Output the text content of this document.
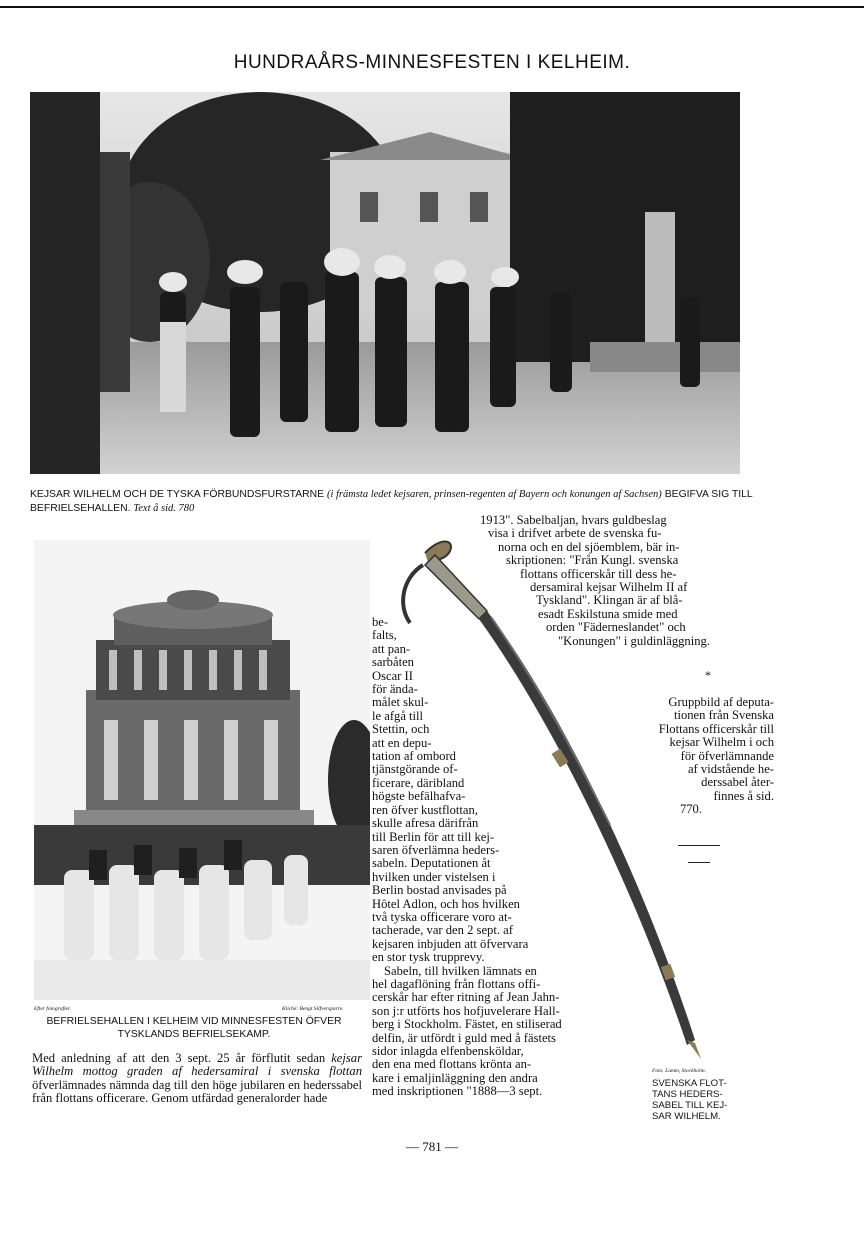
HUNDRAÅRS-MINNESFESTEN I KELHEIM.
KEJSAR WILHELM OCH DE TYSKA FÖRBUNDSFURSTARNE (i främsta ledet kejsaren, prinsen-regenten af Bayern och konungen af Sachsen) BEGIFVA SIG TILL BEFRIELSEHALLEN. Text å sid. 780
Efter fotografier.	Kliché: Bengt Silfversparre.
BEFRIELSEHALLEN I KELHEIM VID MINNESFESTEN ÖFVER TYSKLANDS BEFRIELSEKAMP.
Med anledning af att den 3 sept. 25 år förflutit sedan kejsar Wilhelm mottog graden af hedersamiral i svenska flottan öfverlämnades nämnda dag till den höge jubilaren en hederssabel från flottans officerare. Genom utfärdad generalorder hade
1913". Sabelbaljan, hvars guldbeslag
visa i drifvet arbete de svenska fu-
norna och en del sjöemblem, bär in-
skriptionen: "Från Kungl. svenska
flottans officerskår till dess he-
dersamiral kejsar Wilhelm II af
Tyskland". Klingan är af blå-
esadt Eskilstuna smide med
orden "Fäderneslandet" och
"Konungen" i guldinläggning.
be-
falts,
att pan-
sarbåten
Oscar II
för ända-
målet skul-
le afgå till
Stettin, och
att en depu-
tation af ombord
tjänstgörande of-
ficerare, däribland
högste befälhafva-
ren öfver kustflottan,
skulle afresa därifrån
till Berlin för att till kej-
saren öfverlämna heders-
sabeln. Deputationen åt
hvilken under vistelsen i
Berlin bostad anvisades på
Hôtel Adlon, och hos hvilken
två tyska officerare voro at-
tacherade, var den 2 sept. af
kejsaren inbjuden att öfvervara
en stor tysk trupprevy.
Sabeln, till hvilken lämnats en
hel dagaflöning från flottans offi-
cerskår har efter ritning af Jean Jahn-
son j:r utförts hos hofjuvelerare Hall-
berg i Stockholm. Fästet, en stiliserad
delfin, är utfördt i guld med å fästets
sidor inlagda elfenbensköldar,
den ena med flottans krönta an-
kare i emaljinläggning den andra
med inskriptionen "1888—3 sept.
*
Gruppbild af deputa-
tionen från Svenska
Flottans officerskår till
kejsar Wilhelm i och
för öfverlämnande
af vidstående he-
derssabel åter-
finnes å sid.
770.
Foto. Lamm, Stockholm.
SVENSKA FLOT-
TANS HEDERS-
SABEL TILL KEJ-
SAR WILHELM.
— 781 —
